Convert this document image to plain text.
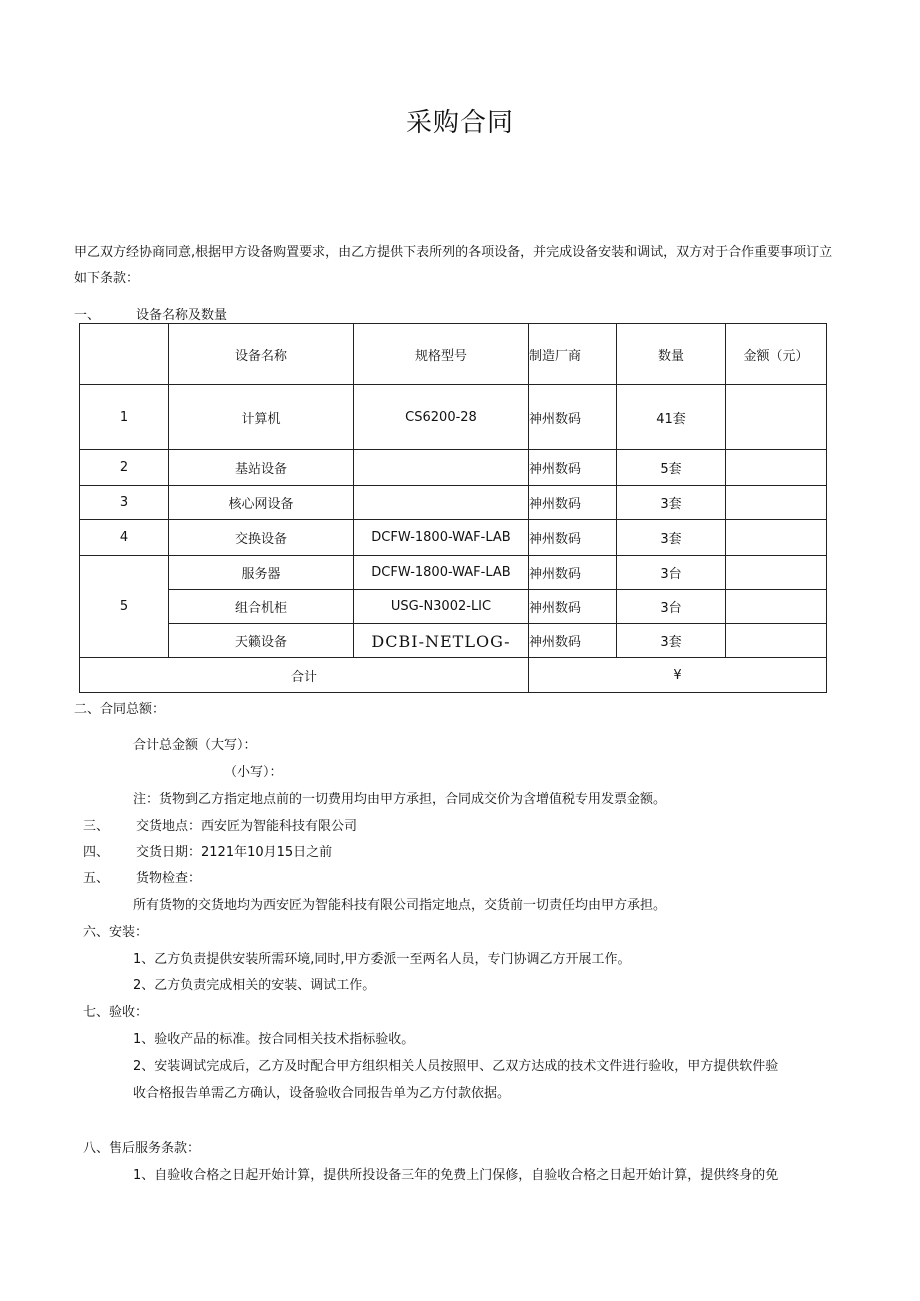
采购合同
甲乙双方经协商同意,根据甲方设备购置要求，由乙方提供下表所列的各项设备，并完成设备安装和调试，双方对于合作重要事项订立如下条款：
一、	设备名称及数量
	设备名称	规格型号	制造厂商	数量	金额（元）
1	计算机	CS6200-28	神州数码	41套	
2	基站设备		神州数码	5套	
3	核心网设备		神州数码	3套	
4	交换设备	DCFW-1800-WAF-LAB	神州数码	3套	
5	服务器	DCFW-1800-WAF-LAB	神州数码	3台	
	组合机柜	USG-N3002-LIC	神州数码	3台	
	天籁设备	DCBI-NETLOG-	神州数码	3套	
合计			¥		
二、合同总额：
合计总金额（大写）：
（小写）：
注：货物到乙方指定地点前的一切费用均由甲方承担，合同成交价为含增值税专用发票金额。
三、 交货地点：西安匠为智能科技有限公司
四、 交货日期：2121年10月15日之前
五、 货物检查：
所有货物的交货地均为西安匠为智能科技有限公司指定地点，交货前一切责任均由甲方承担。
六、安装：
1、乙方负责提供安装所需环境,同时,甲方委派一至两名人员，专门协调乙方开展工作。
2、乙方负责完成相关的安装、调试工作。
七、验收：
1、验收产品的标准。按合同相关技术指标验收。
2、安装调试完成后，乙方及时配合甲方组织相关人员按照甲、乙双方达成的技术文件进行验收，甲方提供软件验
收合格报告单需乙方确认，设备验收合同报告单为乙方付款依据。
八、售后服务条款：
1、自验收合格之日起开始计算，提供所投设备三年的免费上门保修，自验收合格之日起开始计算，提供终身的免
